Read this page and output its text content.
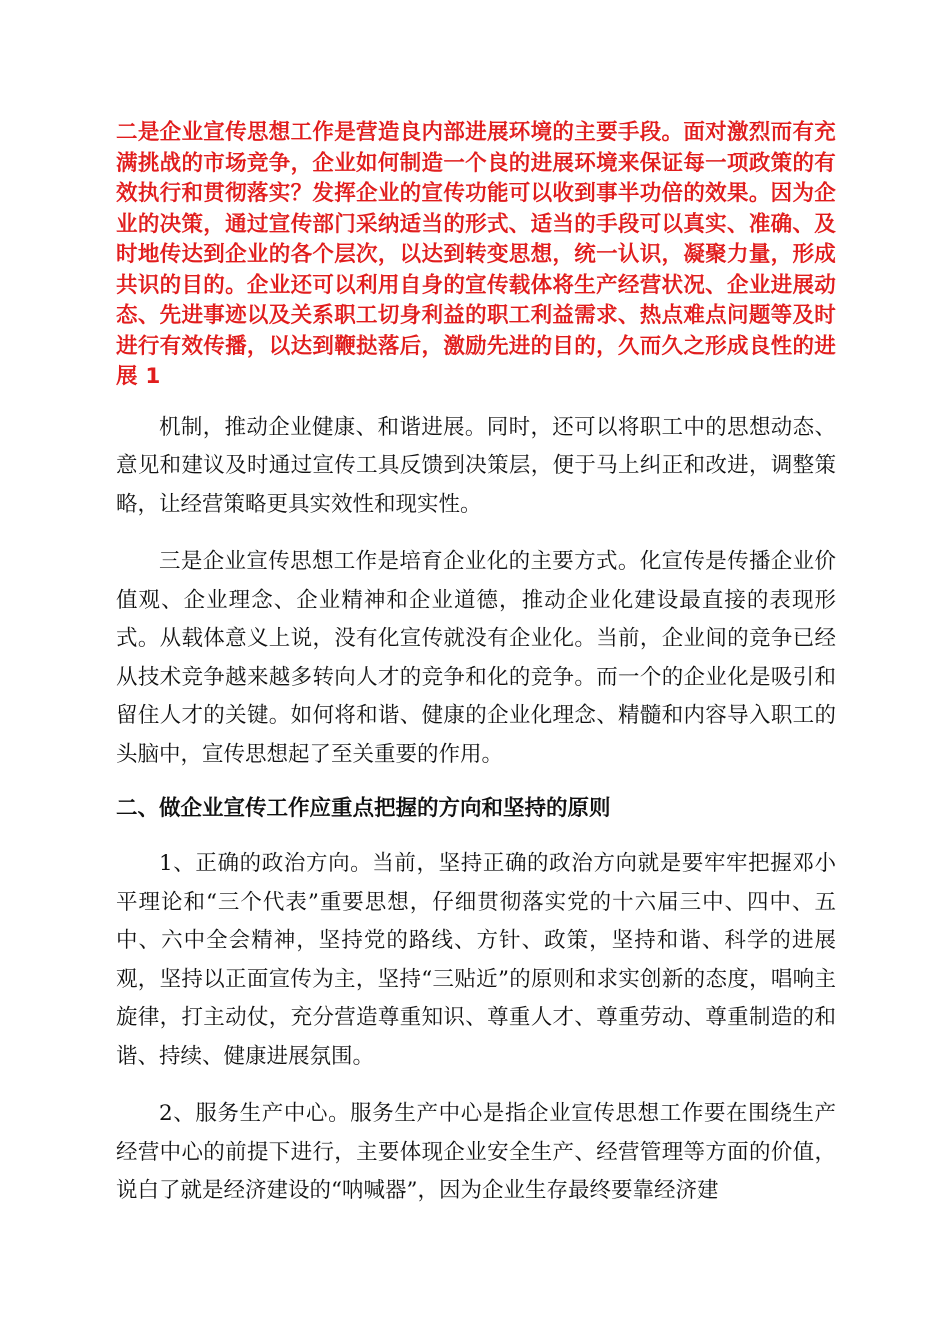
二是企业宣传思想工作是营造良内部进展环境的主要手段。面对激烈而有充满挑战的市场竞争，企业如何制造一个良的进展环境来保证每一项政策的有效执行和贯彻落实？发挥企业的宣传功能可以收到事半功倍的效果。因为企业的决策，通过宣传部门采纳适当的形式、适当的手段可以真实、准确、及时地传达到企业的各个层次，以达到转变思想，统一认识，凝聚力量，形成共识的目的。企业还可以利用自身的宣传载体将生产经营状况、企业进展动态、先进事迹以及关系职工切身利益的职工利益需求、热点难点问题等及时进行有效传播，以达到鞭挞落后，激励先进的目的，久而久之形成良性的进展 1

机制，推动企业健康、和谐进展。同时，还可以将职工中的思想动态、意见和建议及时通过宣传工具反馈到决策层，便于马上纠正和改进，调整策略，让经营策略更具实效性和现实性。

三是企业宣传思想工作是培育企业化的主要方式。化宣传是传播企业价值观、企业理念、企业精神和企业道德，推动企业化建设最直接的表现形式。从载体意义上说，没有化宣传就没有企业化。当前，企业间的竞争已经从技术竞争越来越多转向人才的竞争和化的竞争。而一个的企业化是吸引和留住人才的关键。如何将和谐、健康的企业化理念、精髓和内容导入职工的头脑中，宣传思想起了至关重要的作用。

二、做企业宣传工作应重点把握的方向和坚持的原则

1、正确的政治方向。当前，坚持正确的政治方向就是要牢牢把握邓小平理论和“三个代表”重要思想，仔细贯彻落实党的十六届三中、四中、五中、六中全会精神，坚持党的路线、方针、政策，坚持和谐、科学的进展观，坚持以正面宣传为主，坚持“三贴近”的原则和求实创新的态度，唱响主旋律，打主动仗，充分营造尊重知识、尊重人才、尊重劳动、尊重制造的和谐、持续、健康进展氛围。

2、服务生产中心。服务生产中心是指企业宣传思想工作要在围绕生产经营中心的前提下进行，主要体现企业安全生产、经营管理等方面的价值，说白了就是经济建设的“呐喊器”，因为企业生存最终要靠经济建
